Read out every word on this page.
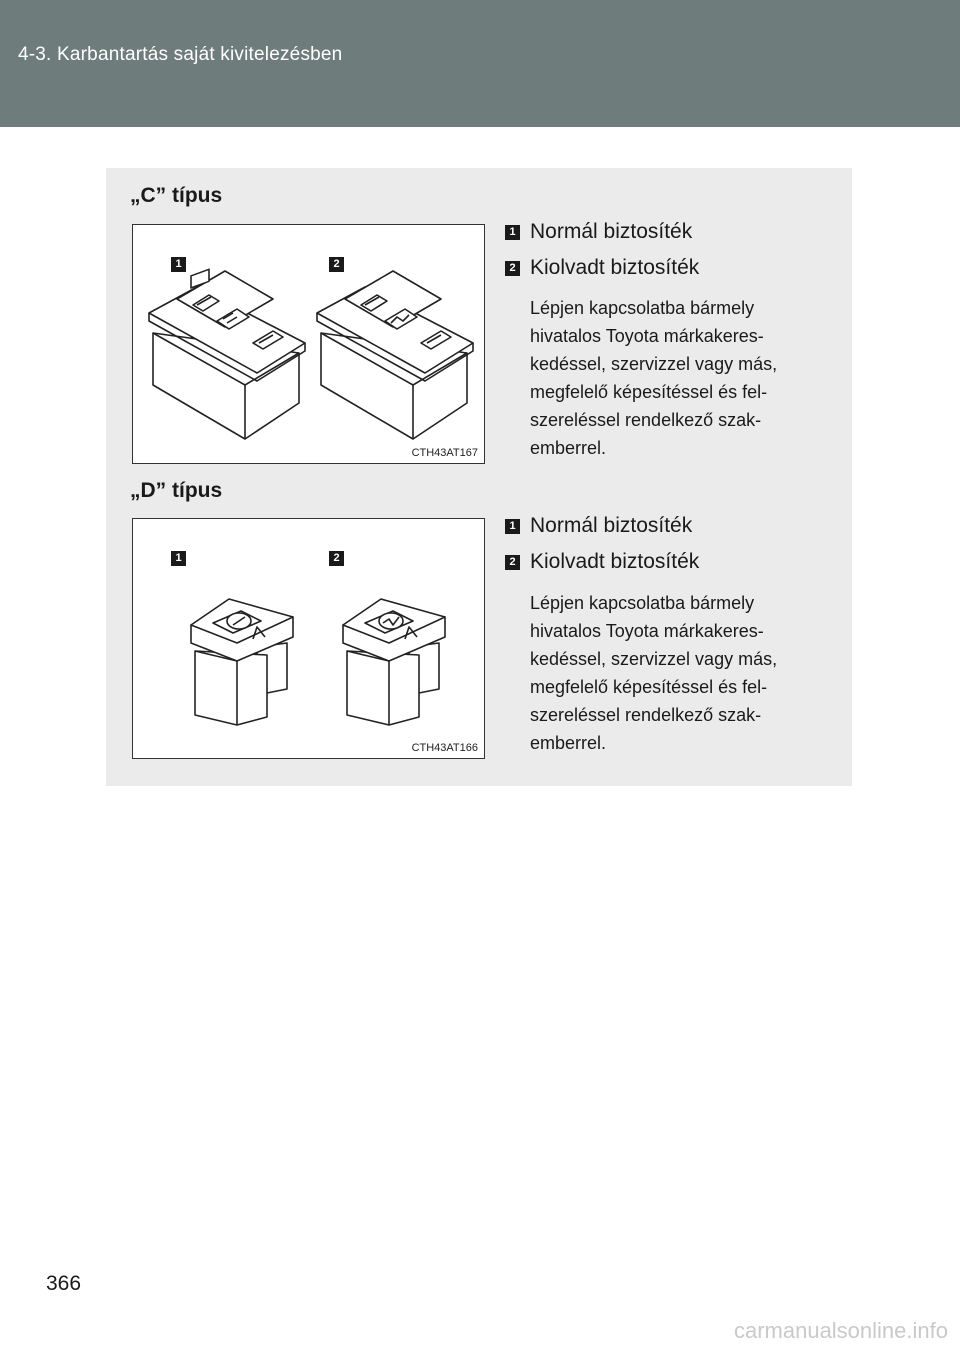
4-3. Karbantartás saját kivitelezésben
„C” típus
1	2
CTH43AT167
1 Normál biztosíték
2 Kiolvadt biztosíték
Lépjen kapcsolatba bármely
hivatalos Toyota márkakeres-
kedéssel, szervizzel vagy más,
megfelelő képesítéssel és fel-
szereléssel rendelkező szak-
emberrel.
„D” típus
1	2
CTH43AT166
1 Normál biztosíték
2 Kiolvadt biztosíték
Lépjen kapcsolatba bármely
hivatalos Toyota márkakeres-
kedéssel, szervizzel vagy más,
megfelelő képesítéssel és fel-
szereléssel rendelkező szak-
emberrel.
366
carmanualsonline.info
